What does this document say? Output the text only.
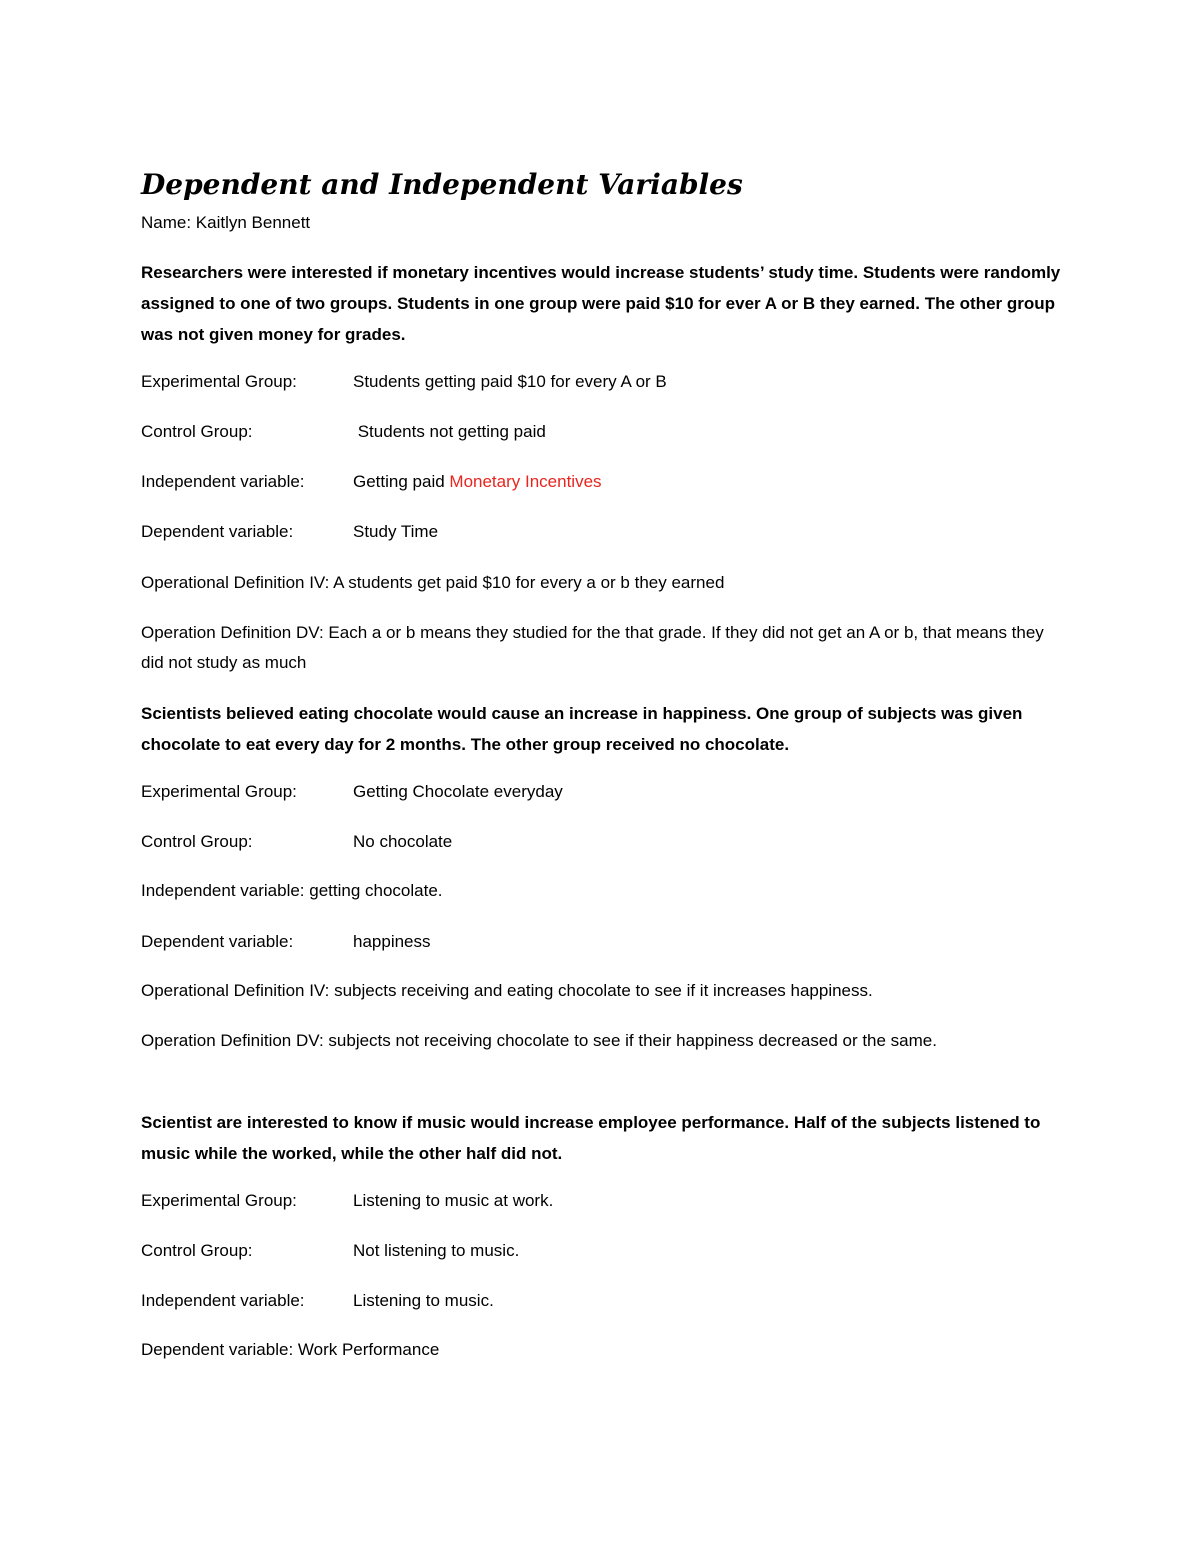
Dependent and Independent Variables

Name: Kaitlyn Bennett

Researchers were interested if monetary incentives would increase students’ study time. Students were randomly assigned to one of two groups. Students in one group were paid $10 for ever A or B they earned. The other group was not given money for grades.

Experimental Group:	Students getting paid $10 for every A or B

Control Group:	Students not getting paid

Independent variable:	Getting paid Monetary Incentives

Dependent variable:	Study Time

Operational Definition IV: A students get paid $10 for every a or b they earned

Operation Definition DV: Each a or b means they studied for the that grade. If they did not get an A or b, that means they did not study as much

Scientists believed eating chocolate would cause an increase in happiness. One group of subjects was given chocolate to eat every day for 2 months. The other group received no chocolate.

Experimental Group:	Getting Chocolate everyday

Control Group:	No chocolate

Independent variable: getting chocolate.

Dependent variable:	happiness

Operational Definition IV: subjects receiving and eating chocolate to see if it increases happiness.

Operation Definition DV: subjects not receiving chocolate to see if their happiness decreased or the same.

Scientist are interested to know if music would increase employee performance. Half of the subjects listened to music while the worked, while the other half did not.

Experimental Group:	Listening to music at work.

Control Group:	Not listening to music.

Independent variable:	Listening to music.

Dependent variable: Work Performance
